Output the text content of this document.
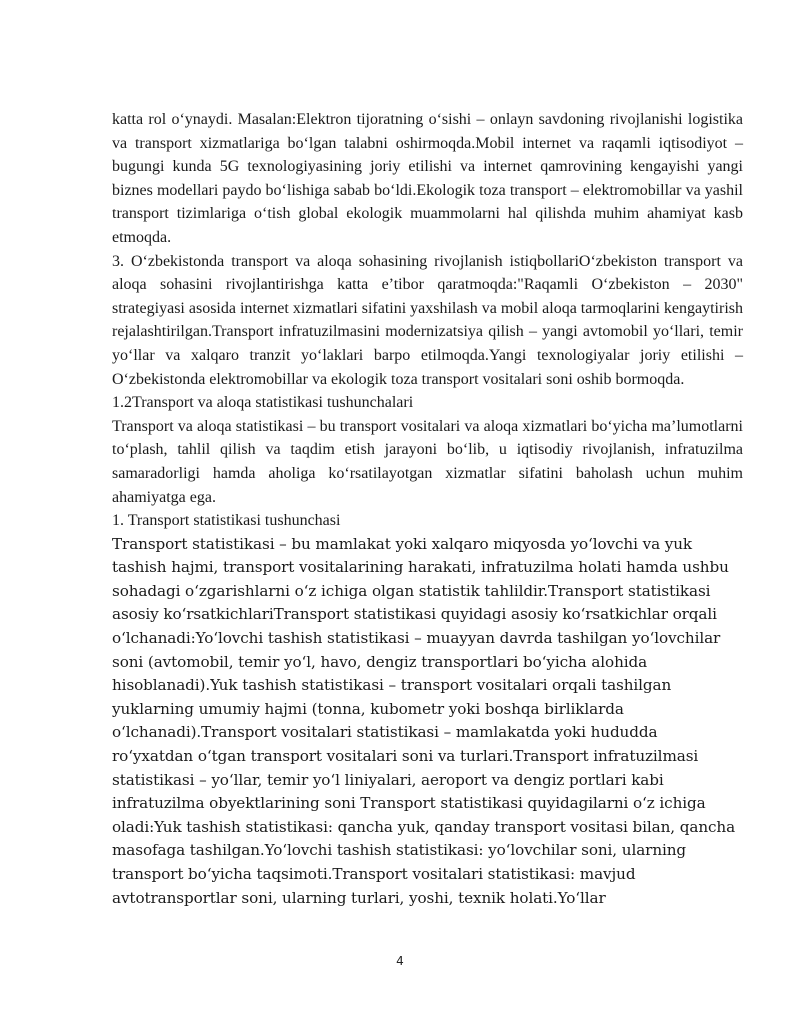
katta rol o‘ynaydi. Masalan:Elektron tijoratning o‘sishi – onlayn savdoning rivojlanishi logistika va transport xizmatlariga bo‘lgan talabni oshirmoqda.Mobil internet va raqamli iqtisodiyot – bugungi kunda 5G texnologiyasining joriy etilishi va internet qamrovining kengayishi yangi biznes modellari paydo bo‘lishiga sabab bo‘ldi.Ekologik toza transport – elektromobillar va yashil transport tizimlariga o‘tish global ekologik muammolarni hal qilishda muhim ahamiyat kasb etmoqda.

3. O‘zbekistonda transport va aloqa sohasining rivojlanish istiqbollariO‘zbekiston transport va aloqa sohasini rivojlantirishga katta e’tibor qaratmoqda:"Raqamli O‘zbekiston – 2030" strategiyasi asosida internet xizmatlari sifatini yaxshilash va mobil aloqa tarmoqlarini kengaytirish rejalashtirilgan.Transport infratuzilmasini modernizatsiya qilish – yangi avtomobil yo‘llari, temir yo‘llar va xalqaro tranzit yo‘laklari barpo etilmoqda.Yangi texnologiyalar joriy etilishi – O‘zbekistonda elektromobillar va ekologik toza transport vositalari soni oshib bormoqda.

1.2Transport va aloqa statistikasi tushunchalari

Transport va aloqa statistikasi – bu transport vositalari va aloqa xizmatlari bo‘yicha ma’lumotlarni to‘plash, tahlil qilish va taqdim etish jarayoni bo‘lib, u iqtisodiy rivojlanish, infratuzilma samaradorligi hamda aholiga ko‘rsatilayotgan xizmatlar sifatini baholash uchun muhim ahamiyatga ega.

1. Transport statistikasi tushunchasi

Transport statistikasi – bu mamlakat yoki xalqaro miqyosda yo‘lovchi va yuk tashish hajmi, transport vositalarining harakati, infratuzilma holati hamda ushbu sohadagi o‘zgarishlarni o‘z ichiga olgan statistik tahlildir.Transport statistikasi asosiy ko‘rsatkichlariTransport statistikasi quyidagi asosiy ko‘rsatkichlar orqali o‘lchanadi:Yo‘lovchi tashish statistikasi – muayyan davrda tashilgan yo‘lovchilar soni (avtomobil, temir yo‘l, havo, dengiz transportlari bo‘yicha alohida hisoblanadi).Yuk tashish statistikasi – transport vositalari orqali tashilgan yuklarning umumiy hajmi (tonna, kubometr yoki boshqa birliklarda o‘lchanadi).Transport vositalari statistikasi – mamlakatda yoki hududda ro‘yxatdan o‘tgan transport vositalari soni va turlari.Transport infratuzilmasi statistikasi – yo‘llar, temir yo‘l liniyalari, aeroport va dengiz portlari kabi infratuzilma obyektlarining soni Transport statistikasi quyidagilarni o‘z ichiga oladi:Yuk tashish statistikasi: qancha yuk, qanday transport vositasi bilan, qancha masofaga tashilgan.Yo‘lovchi tashish statistikasi: yo‘lovchilar soni, ularning transport bo‘yicha taqsimoti.Transport vositalari statistikasi: mavjud avtotransportlar soni, ularning turlari, yoshi, texnik holati.Yo‘llar

4
